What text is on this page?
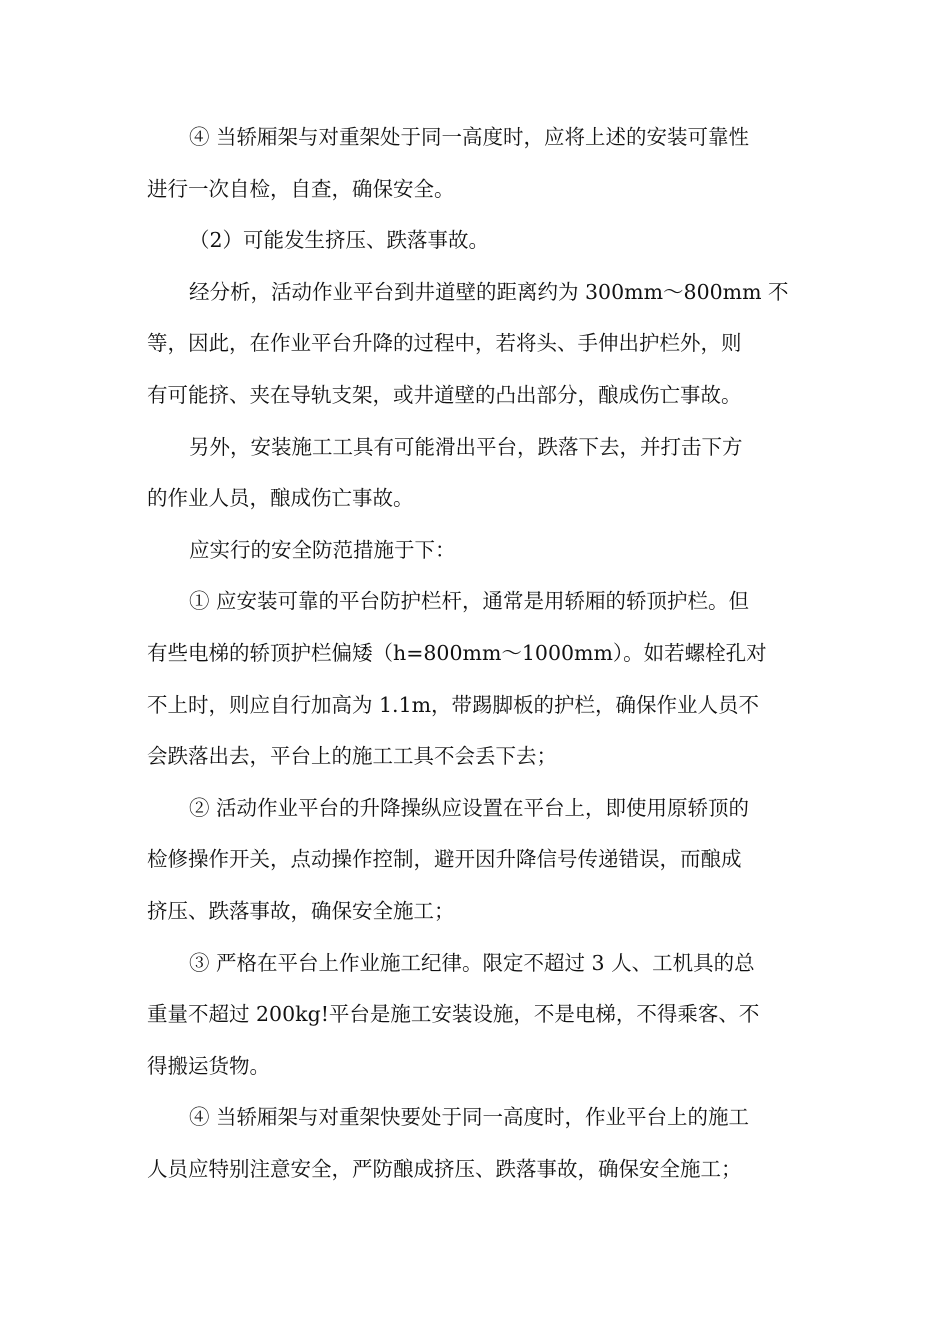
④ 当轿厢架与对重架处于同一高度时，应将上述的安装可靠性
进行一次自检，自查，确保安全。
（2）可能发生挤压、跌落事故。
经分析，活动作业平台到井道壁的距离约为 300mm～800mm 不
等，因此，在作业平台升降的过程中，若将头、手伸出护栏外，则
有可能挤、夹在导轨支架，或井道壁的凸出部分，酿成伤亡事故。
另外，安装施工工具有可能滑出平台，跌落下去，并打击下方
的作业人员，酿成伤亡事故。
应实行的安全防范措施于下：
① 应安装可靠的平台防护栏杆，通常是用轿厢的轿顶护栏。但
有些电梯的轿顶护栏偏矮（h=800mm～1000mm）。如若螺栓孔对
不上时，则应自行加高为 1.1m，带踢脚板的护栏，确保作业人员不
会跌落出去，平台上的施工工具不会丢下去；
② 活动作业平台的升降操纵应设置在平台上，即使用原轿顶的
检修操作开关，点动操作控制，避开因升降信号传递错误，而酿成
挤压、跌落事故，确保安全施工；
③ 严格在平台上作业施工纪律。限定不超过 3 人、工机具的总
重量不超过 200kg!平台是施工安装设施，不是电梯，不得乘客、不
得搬运货物。
④ 当轿厢架与对重架快要处于同一高度时，作业平台上的施工
人员应特别注意安全，严防酿成挤压、跌落事故，确保安全施工；
